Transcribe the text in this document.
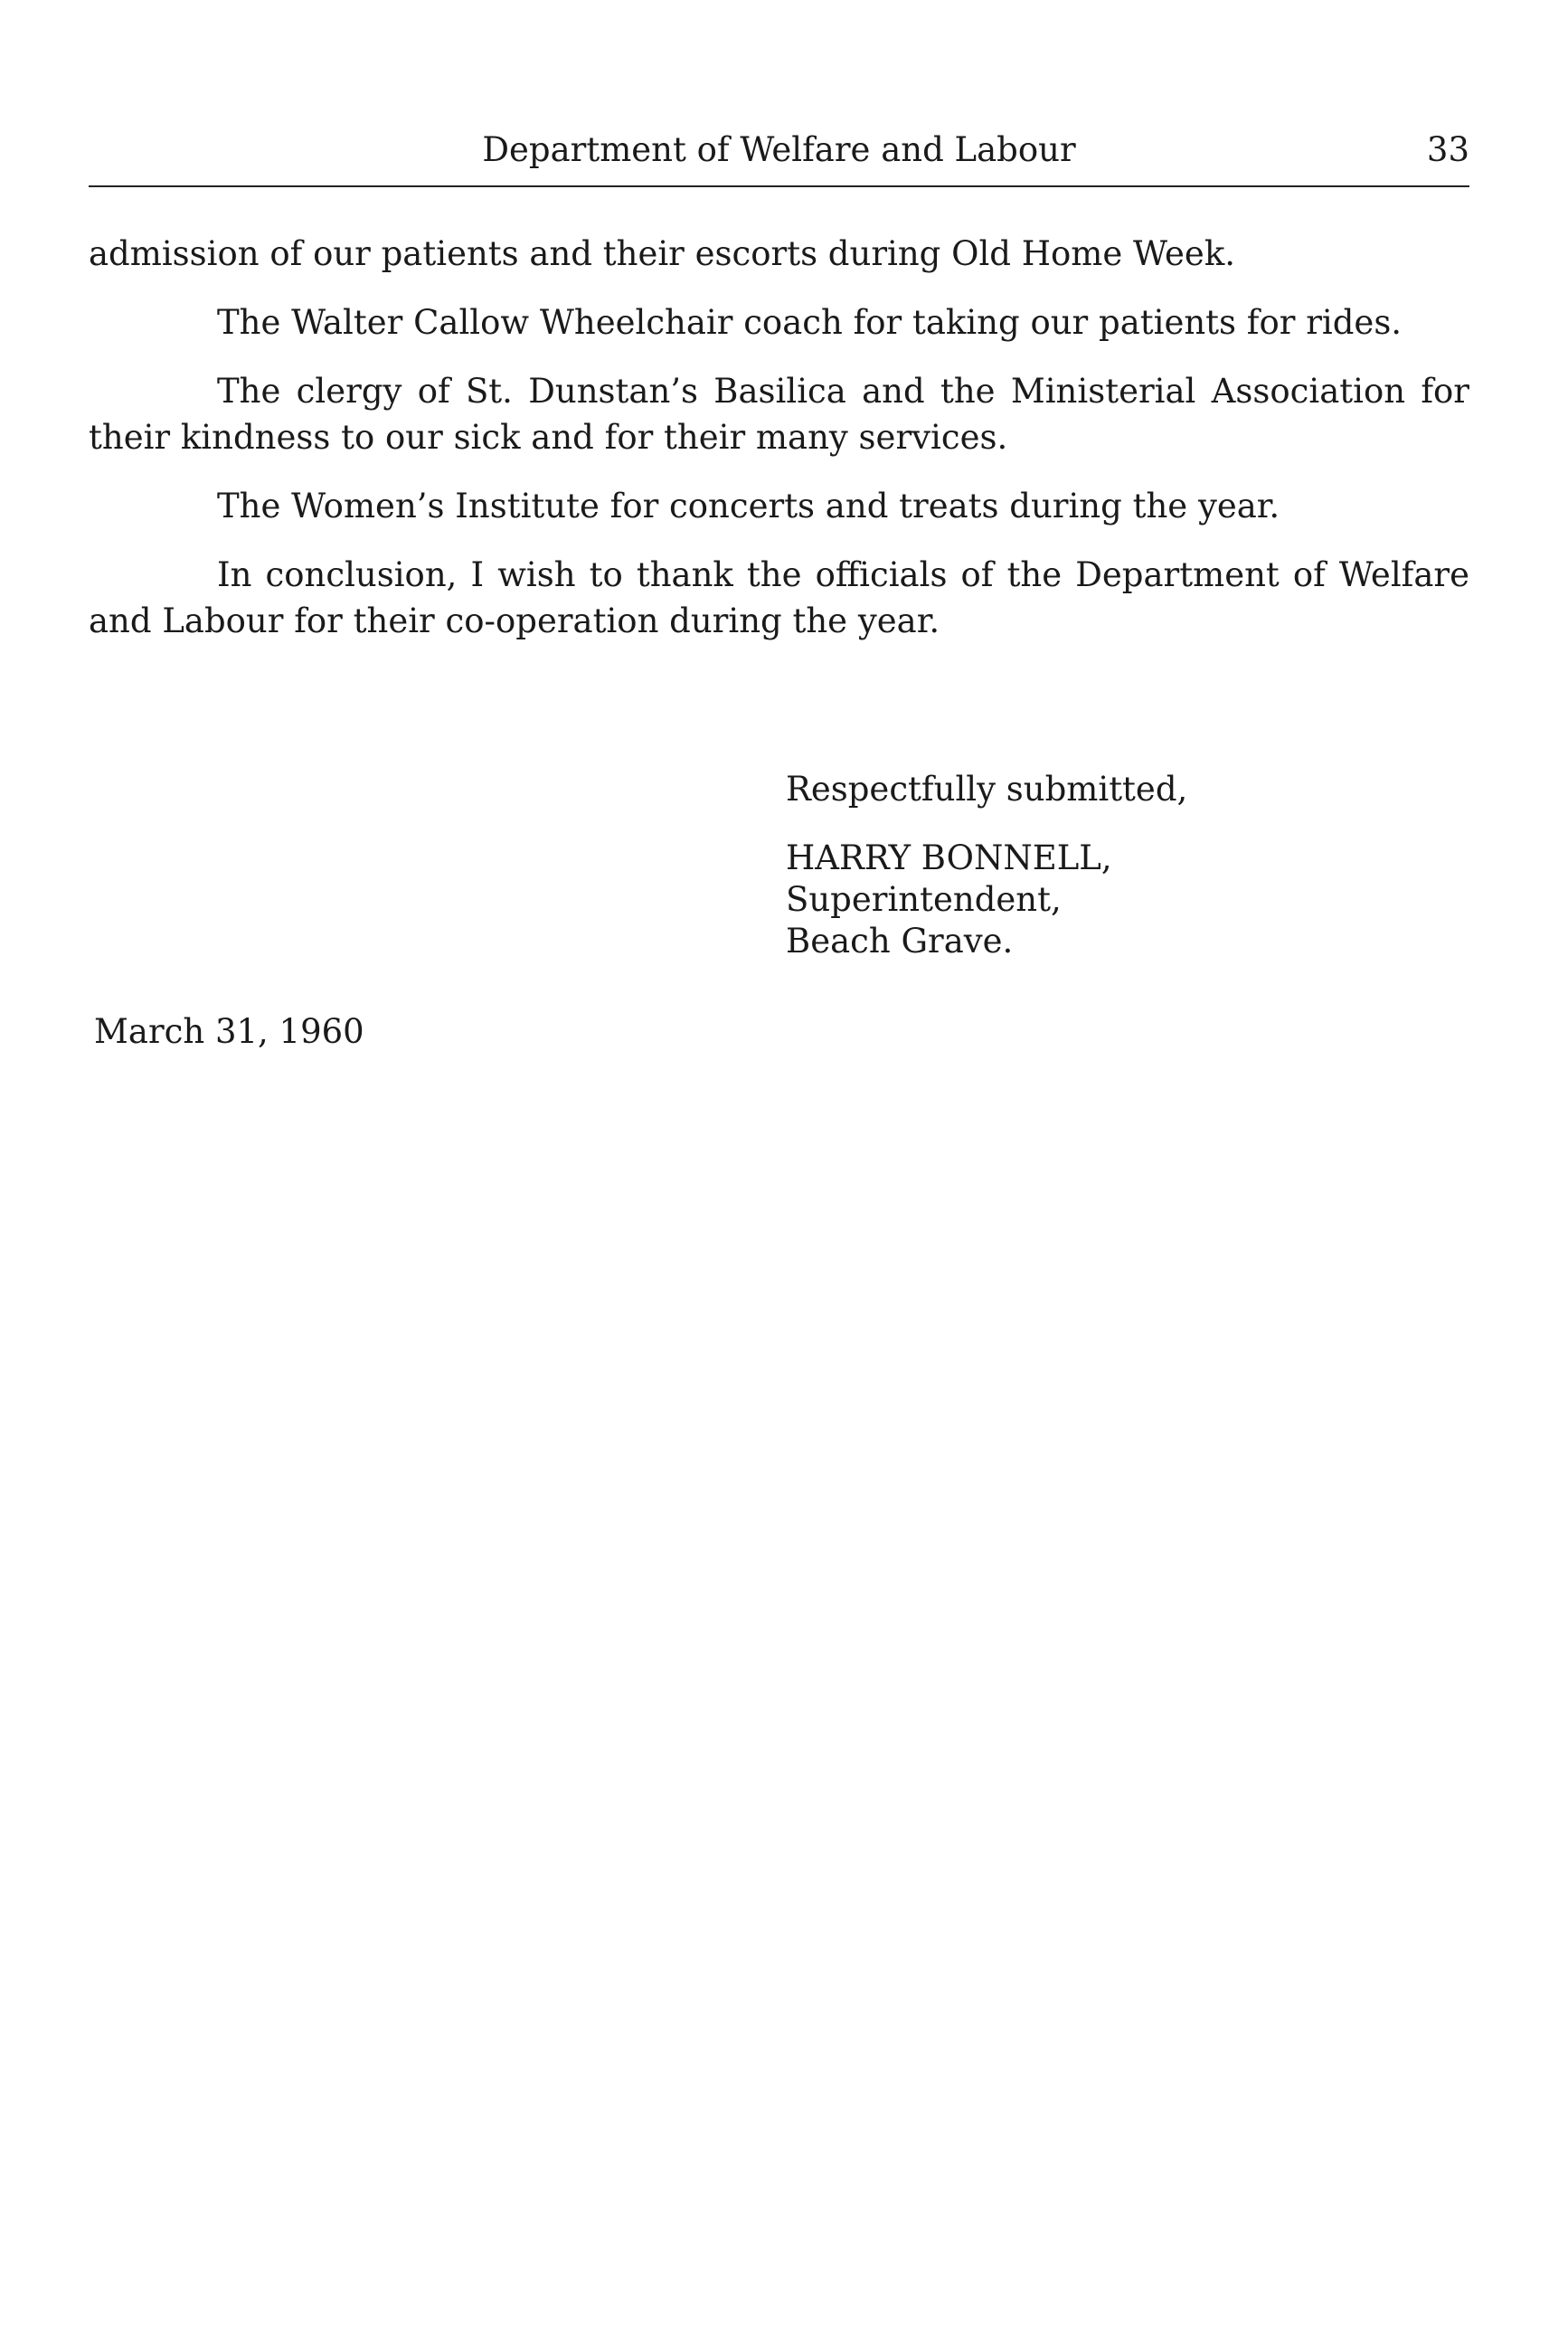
Department of Welfare and Labour	33

admission of our patients and their escorts during Old Home Week.

The Walter Callow Wheelchair coach for taking our patients for rides.

The clergy of St. Dunstan’s Basilica and the Ministerial Association for their kindness to our sick and for their many services.

The Women’s Institute for concerts and treats during the year.

In conclusion, I wish to thank the officials of the Department of Welfare and Labour for their co-operation during the year.

Respectfully submitted,
HARRY BONNELL,
Superintendent,
Beach Grave.
March 31, 1960
